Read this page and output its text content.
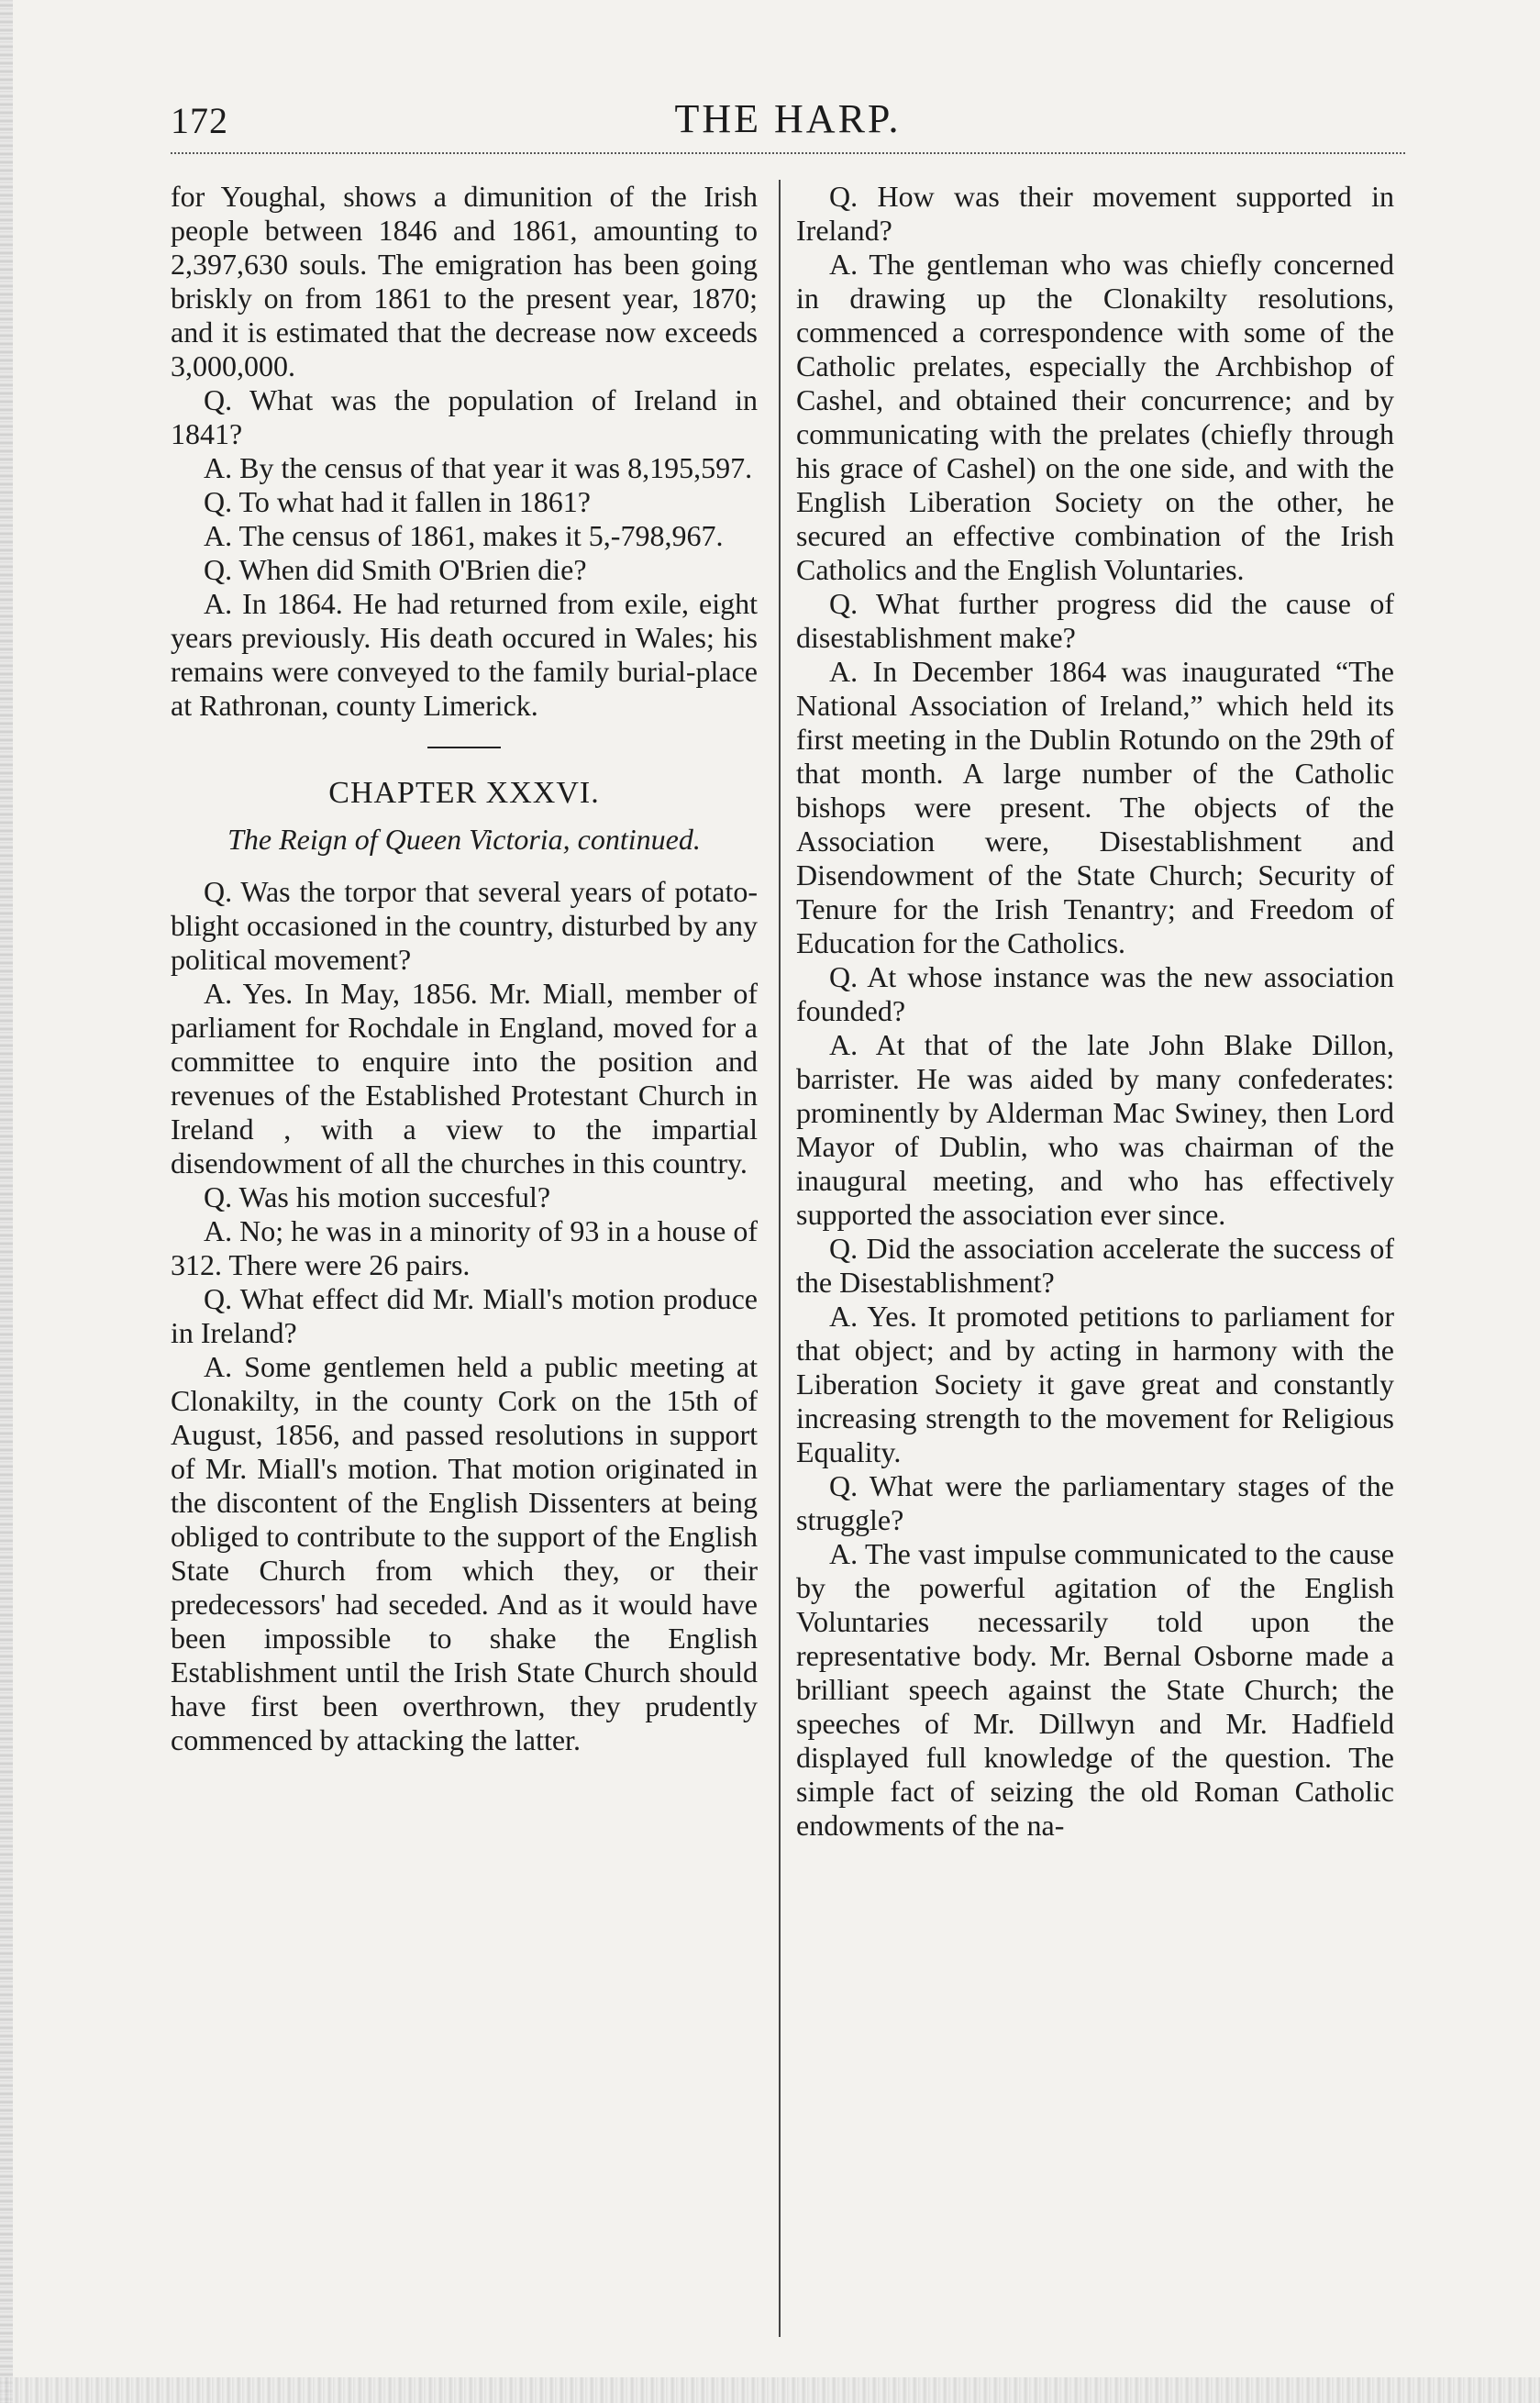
172	THE HARP.

for Youghal, shows a dimunition of the Irish people between 1846 and 1861, amounting to 2,397,630 souls. The emigration has been going briskly on from 1861 to the present year, 1870; and it is estimated that the decrease now exceeds 3,000,000.

Q. What was the population of Ireland in 1841?

A. By the census of that year it was 8,195,597.

Q. To what had it fallen in 1861?

A. The census of 1861, makes it 5,-798,967.

Q. When did Smith O'Brien die?

A. In 1864. He had returned from exile, eight years previously. His death occured in Wales; his remains were conveyed to the family burial-place at Rathronan, county Limerick.

CHAPTER XXXVI.

The Reign of Queen Victoria, continued.

Q. Was the torpor that several years of potato-blight occasioned in the country, disturbed by any political movement?

A. Yes. In May, 1856. Mr. Miall, member of parliament for Rochdale in England, moved for a committee to enquire into the position and revenues of the Established Protestant Church in Ireland , with a view to the impartial disendowment of all the churches in this country.

Q. Was his motion succesful?

A. No; he was in a minority of 93 in a house of 312. There were 26 pairs.

Q. What effect did Mr. Miall's motion produce in Ireland?

A. Some gentlemen held a public meeting at Clonakilty, in the county Cork on the 15th of August, 1856, and passed resolutions in support of Mr. Miall's motion. That motion originated in the discontent of the English Dissenters at being obliged to contribute to the support of the English State Church from which they, or their predecessors' had seceded. And as it would have been impossible to shake the English Establishment until the Irish State Church should have first been overthrown, they prudently commenced by attacking the latter.

Q. How was their movement supported in Ireland?

A. The gentleman who was chiefly concerned in drawing up the Clonakilty resolutions, commenced a correspondence with some of the Catholic prelates, especially the Archbishop of Cashel, and obtained their concurrence; and by communicating with the prelates (chiefly through his grace of Cashel) on the one side, and with the English Liberation Society on the other, he secured an effective combination of the Irish Catholics and the English Voluntaries.

Q. What further progress did the cause of disestablishment make?

A. In December 1864 was inaugurated “The National Association of Ireland,” which held its first meeting in the Dublin Rotundo on the 29th of that month. A large number of the Catholic bishops were present. The objects of the Association were, Disestablishment and Disendowment of the State Church; Security of Tenure for the Irish Tenantry; and Freedom of Education for the Catholics.

Q. At whose instance was the new association founded?

A. At that of the late John Blake Dillon, barrister. He was aided by many confederates: prominently by Alderman Mac Swiney, then Lord Mayor of Dublin, who was chairman of the inaugural meeting, and who has effectively supported the association ever since.

Q. Did the association accelerate the success of the Disestablishment?

A. Yes. It promoted petitions to parliament for that object; and by acting in harmony with the Liberation Society it gave great and constantly increasing strength to the movement for Religious Equality.

Q. What were the parliamentary stages of the struggle?

A. The vast impulse communicated to the cause by the powerful agitation of the English Voluntaries necessarily told upon the representative body. Mr. Bernal Osborne made a brilliant speech against the State Church; the speeches of Mr. Dillwyn and Mr. Hadfield displayed full knowledge of the question. The simple fact of seizing the old Roman Catholic endowments of the na-
